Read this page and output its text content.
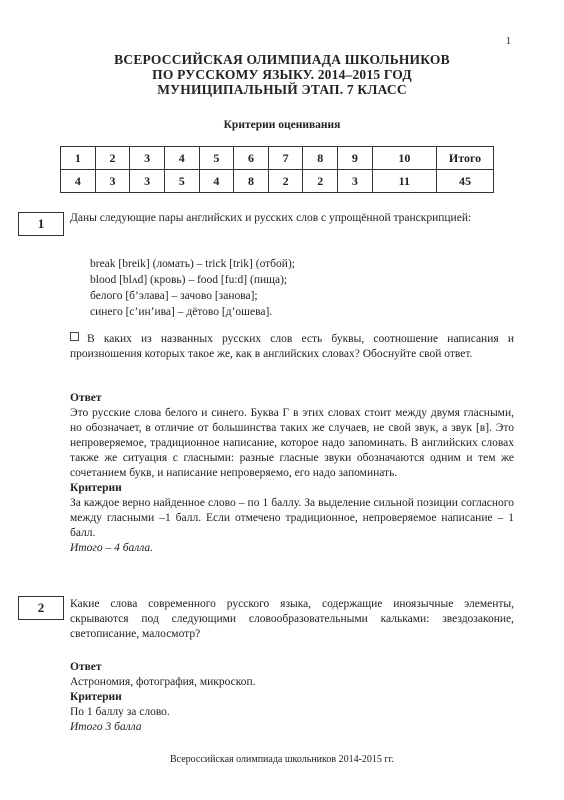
1
ВСЕРОССИЙСКАЯ ОЛИМПИАДА ШКОЛЬНИКОВ
ПО РУССКОМУ ЯЗЫКУ. 2014–2015 ГОД
МУНИЦИПАЛЬНЫЙ ЭТАП. 7 КЛАСС
Критерии оценивания
1	2	3	4	5	6	7	8	9	10	Итого
4	3	3	5	4	8	2	2	3	11	45
1	Даны следующие пары английских и русских слов с упрощённой транскрипцией:
break [breik] (ломать) – trick [trik] (отбой);
blood [blʌd] (кровь) – food [fu:d] (пища);
белого [б’элава] – зачово [занова];
синего [с’ин’ива] – дётово [д’ошева].
В каких из названных русских слов есть буквы, соотношение написания и произношения которых такое же, как в английских словах? Обоснуйте свой ответ.

Ответ

Это русские слова белого и синего. Буква Г в этих словах стоит между двумя гласными, но обозначает, в отличие от большинства таких же случаев, не свой звук, а звук [в]. Это непроверяемое, традиционное написание, которое надо запоминать. В английских словах также же ситуация с гласными: разные гласные звуки обозначаются одним и тем же сочетанием букв, и написание непроверяемо, его надо запоминать.

Критерии

За каждое верно найденное слово – по 1 баллу. За выделение сильной позиции согласного между гласными –1 балл. Если отмечено традиционное, непроверяемое написание – 1 балл.

Итого – 4 балла.

2	Какие слова современного русского языка, содержащие иноязычные элементы, скрываются под следующими словообразовательными кальками: звездозаконие, светописание, малосмотр?

Ответ

Астрономия, фотография, микроскоп.

Критерии

По 1 баллу за слово.

Итого 3 балла

Всероссийская олимпиада школьников 2014-2015 гг.
